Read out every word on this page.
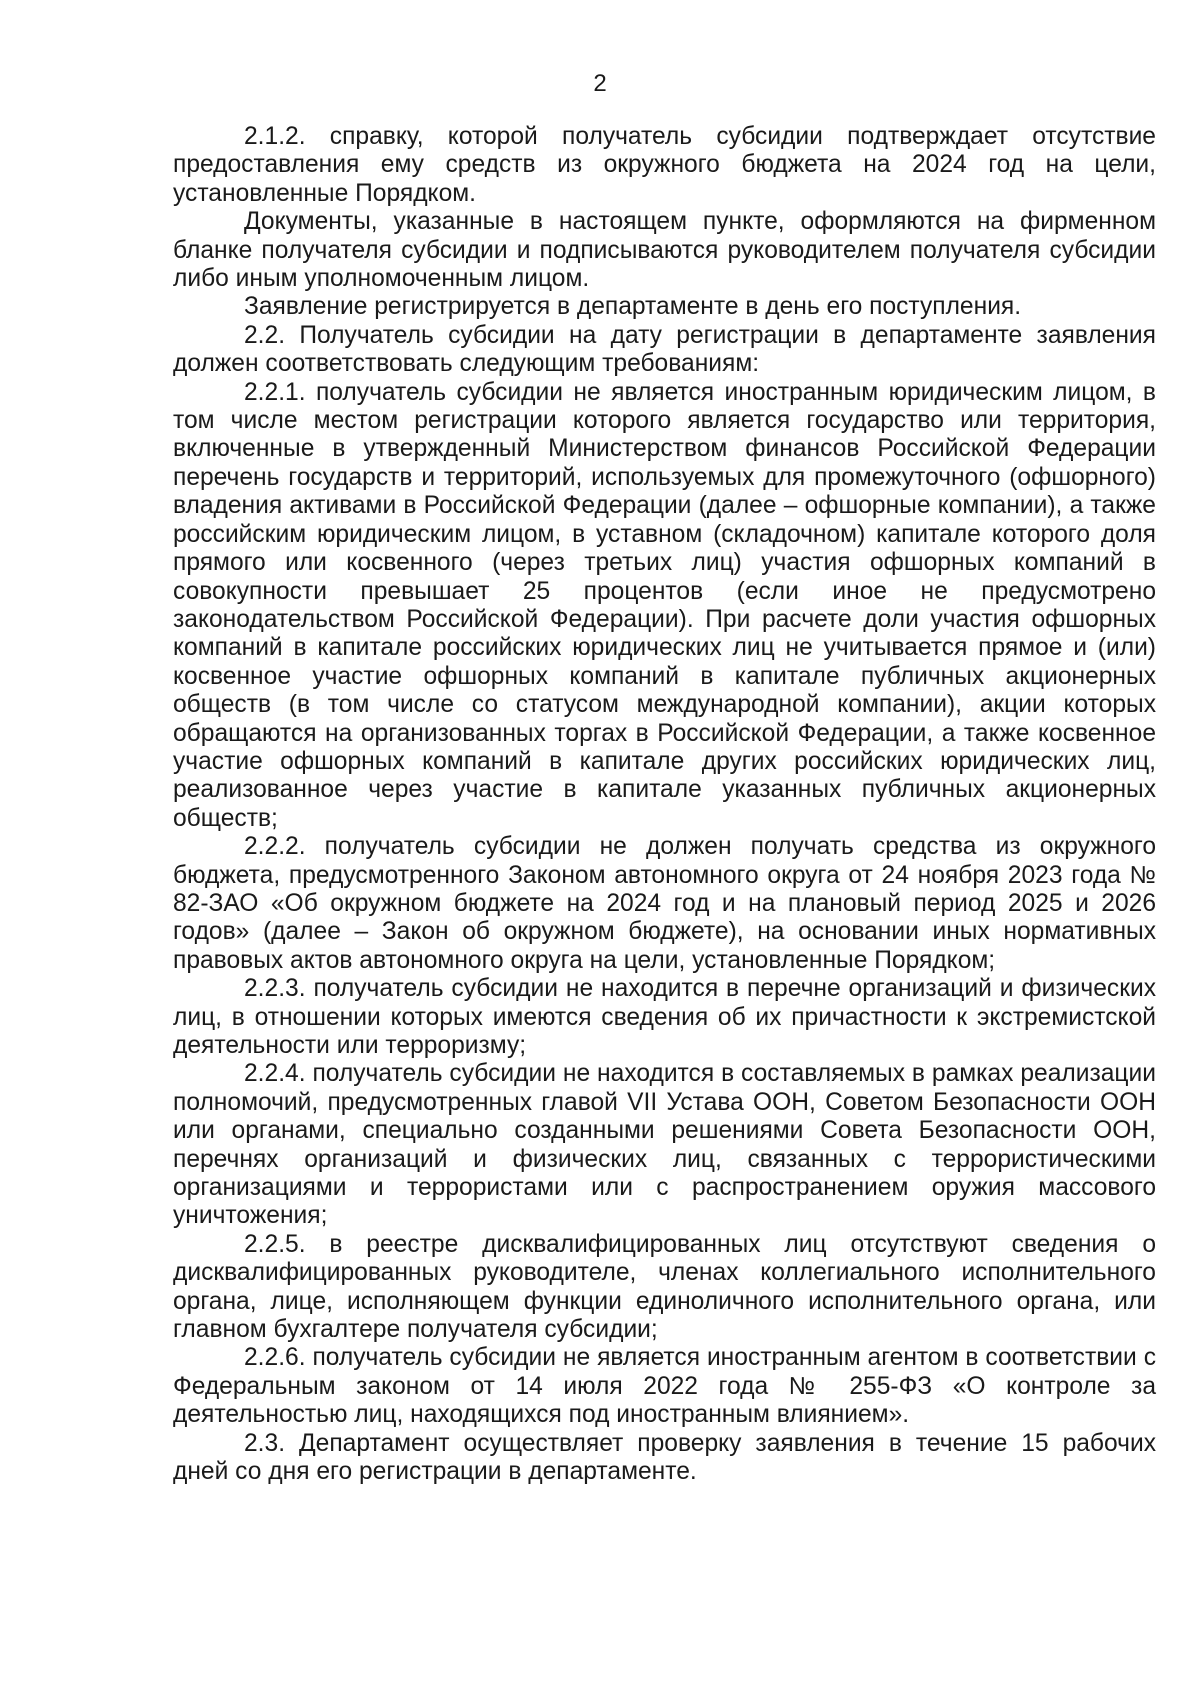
2

2.1.2. справку, которой получатель субсидии подтверждает отсутствие предоставления ему средств из окружного бюджета на 2024 год на цели, установленные Порядком.

Документы, указанные в настоящем пункте, оформляются на фирменном бланке получателя субсидии и подписываются руководителем получателя субсидии либо иным уполномоченным лицом.

Заявление регистрируется в департаменте в день его поступления.

2.2. Получатель субсидии на дату регистрации в департаменте заявления должен соответствовать следующим требованиям:

2.2.1. получатель субсидии не является иностранным юридическим лицом, в том числе местом регистрации которого является государство или территория, включенные в утвержденный Министерством финансов Российской Федерации перечень государств и территорий, используемых для промежуточного (офшорного) владения активами в Российской Федерации (далее – офшорные компании), а также российским юридическим лицом, в уставном (складочном) капитале которого доля прямого или косвенного (через третьих лиц) участия офшорных компаний в совокупности превышает 25 процентов (если иное не предусмотрено законодательством Российской Федерации). При расчете доли участия офшорных компаний в капитале российских юридических лиц не учитывается прямое и (или) косвенное участие офшорных компаний в капитале публичных акционерных обществ (в том числе со статусом международной компании), акции которых обращаются на организованных торгах в Российской Федерации, а также косвенное участие офшорных компаний в капитале других российских юридических лиц, реализованное через участие в капитале указанных публичных акционерных обществ;

2.2.2. получатель субсидии не должен получать средства из окружного бюджета, предусмотренного Законом автономного округа от 24 ноября 2023 года № 82-ЗАО «Об окружном бюджете на 2024 год и на плановый период 2025 и 2026 годов» (далее – Закон об окружном бюджете), на основании иных нормативных правовых актов автономного округа на цели, установленные Порядком;

2.2.3. получатель субсидии не находится в перечне организаций и физических лиц, в отношении которых имеются сведения об их причастности к экстремистской деятельности или терроризму;

2.2.4. получатель субсидии не находится в составляемых в рамках реализации полномочий, предусмотренных главой VII Устава ООН, Советом Безопасности ООН или органами, специально созданными решениями Совета Безопасности ООН, перечнях организаций и физических лиц, связанных с террористическими организациями и террористами или с распространением оружия массового уничтожения;

2.2.5. в реестре дисквалифицированных лиц отсутствуют сведения о дисквалифицированных руководителе, членах коллегиального исполнительного органа, лице, исполняющем функции единоличного исполнительного органа, или главном бухгалтере получателя субсидии;

2.2.6. получатель субсидии не является иностранным агентом в соответствии с Федеральным законом от 14 июля 2022 года № 255-ФЗ «О контроле за деятельностью лиц, находящихся под иностранным влиянием».

2.3. Департамент осуществляет проверку заявления в течение 15 рабочих дней со дня его регистрации в департаменте.
